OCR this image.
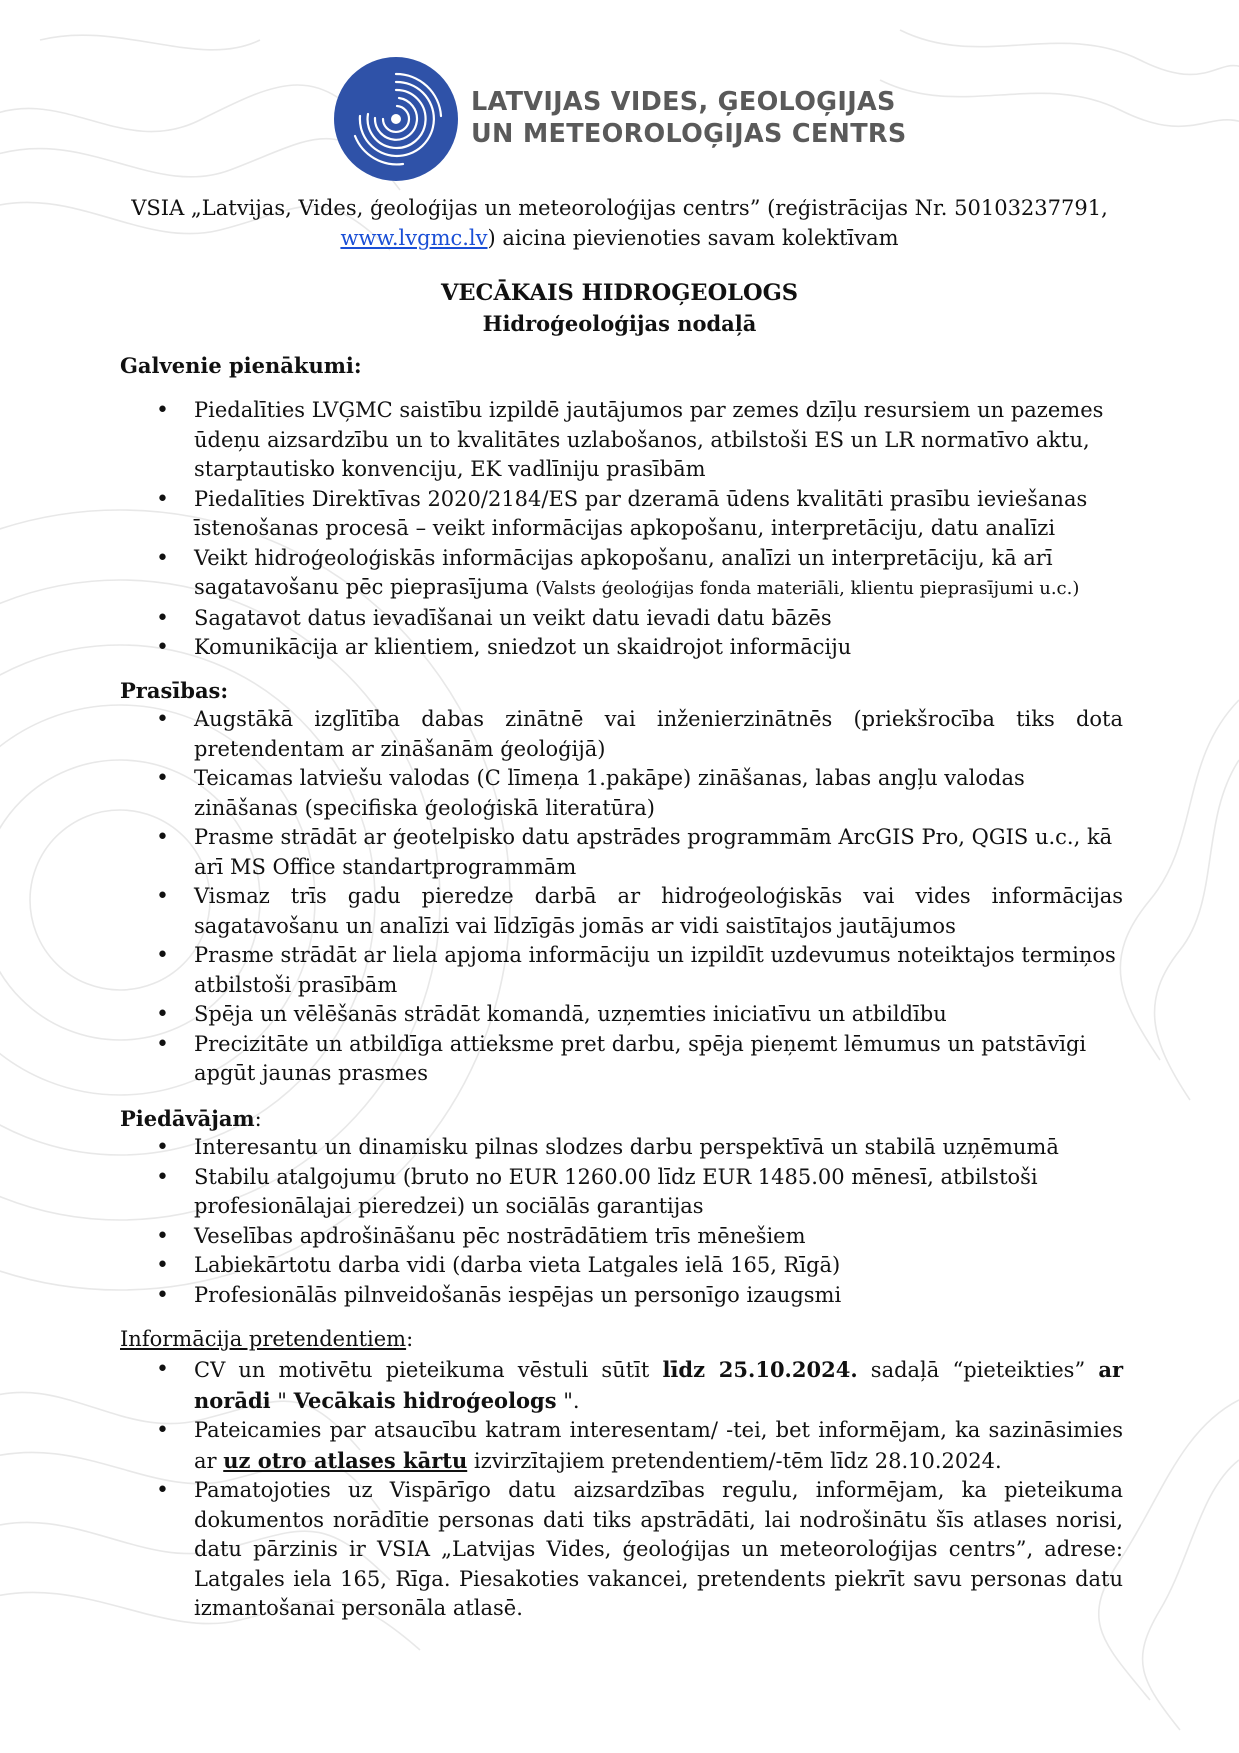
LATVIJAS VIDES, ĢEOLOĢIJAS
UN METEOROLOĢIJAS CENTRS
VSIA „Latvijas, Vides, ģeoloģijas un meteoroloģijas centrs” (reģistrācijas Nr. 50103237791,
www.lvgmc.lv) aicina pievienoties savam kolektīvam
VECĀKAIS HIDROĢEOLOGS
Hidroģeoloģijas nodaļā
Galvenie pienākumi:
• Piedalīties LVĢMC saistību izpildē jautājumos par zemes dzīļu resursiem un pazemes ūdeņu aizsardzību un to kvalitātes uzlabošanos, atbilstoši ES un LR normatīvo aktu, starptautisko konvenciju, EK vadlīniju prasībām
• Piedalīties Direktīvas 2020/2184/ES par dzeramā ūdens kvalitāti prasību ieviešanas īstenošanas procesā – veikt informācijas apkopošanu, interpretāciju, datu analīzi
• Veikt hidroģeoloģiskās informācijas apkopošanu, analīzi un interpretāciju, kā arī sagatavošanu pēc pieprasījuma (Valsts ģeoloģijas fonda materiāli, klientu pieprasījumi u.c.)
• Sagatavot datus ievadīšanai un veikt datu ievadi datu bāzēs
• Komunikācija ar klientiem, sniedzot un skaidrojot informāciju
Prasības:
• Augstākā izglītība dabas zinātnē vai inženierzinātnēs (priekšrocība tiks dota pretendentam ar zināšanām ģeoloģijā)
• Teicamas latviešu valodas (C līmeņa 1.pakāpe) zināšanas, labas angļu valodas zināšanas (specifiska ģeoloģiskā literatūra)
• Prasme strādāt ar ģeotelpisko datu apstrādes programmām ArcGIS Pro, QGIS u.c., kā arī MS Office standartprogrammām
• Vismaz trīs gadu pieredze darbā ar hidroģeoloģiskās vai vides informācijas sagatavošanu un analīzi vai līdzīgās jomās ar vidi saistītajos jautājumos
• Prasme strādāt ar liela apjoma informāciju un izpildīt uzdevumus noteiktajos termiņos atbilstoši prasībām
• Spēja un vēlēšanās strādāt komandā, uzņemties iniciatīvu un atbildību
• Precizitāte un atbildīga attieksme pret darbu, spēja pieņemt lēmumus un patstāvīgi apgūt jaunas prasmes
Piedāvājam:
• Interesantu un dinamisku pilnas slodzes darbu perspektīvā un stabilā uzņēmumā
• Stabilu atalgojumu (bruto no EUR 1260.00 līdz EUR 1485.00 mēnesī, atbilstoši profesionālajai pieredzei) un sociālās garantijas
• Veselības apdrošināšanu pēc nostrādātiem trīs mēnešiem
• Labiekārtotu darba vidi (darba vieta Latgales ielā 165, Rīgā)
• Profesionālās pilnveidošanās iespējas un personīgo izaugsmi
Informācija pretendentiem:
• CV un motivētu pieteikuma vēstuli sūtīt līdz 25.10.2024. sadaļā “pieteikties” ar norādi " Vecākais hidroģeologs ".
• Pateicamies par atsaucību katram interesentam/ -tei, bet informējam, ka sazināsimies ar uz otro atlases kārtu izvirzītajiem pretendentiem/-tēm līdz 28.10.2024.
• Pamatojoties uz Vispārīgo datu aizsardzības regulu, informējam, ka pieteikuma dokumentos norādītie personas dati tiks apstrādāti, lai nodrošinātu šīs atlases norisi, datu pārzinis ir VSIA „Latvijas Vides, ģeoloģijas un meteoroloģijas centrs”, adrese: Latgales iela 165, Rīga. Piesakoties vakancei, pretendents piekrīt savu personas datu izmantošanai personāla atlasē.
